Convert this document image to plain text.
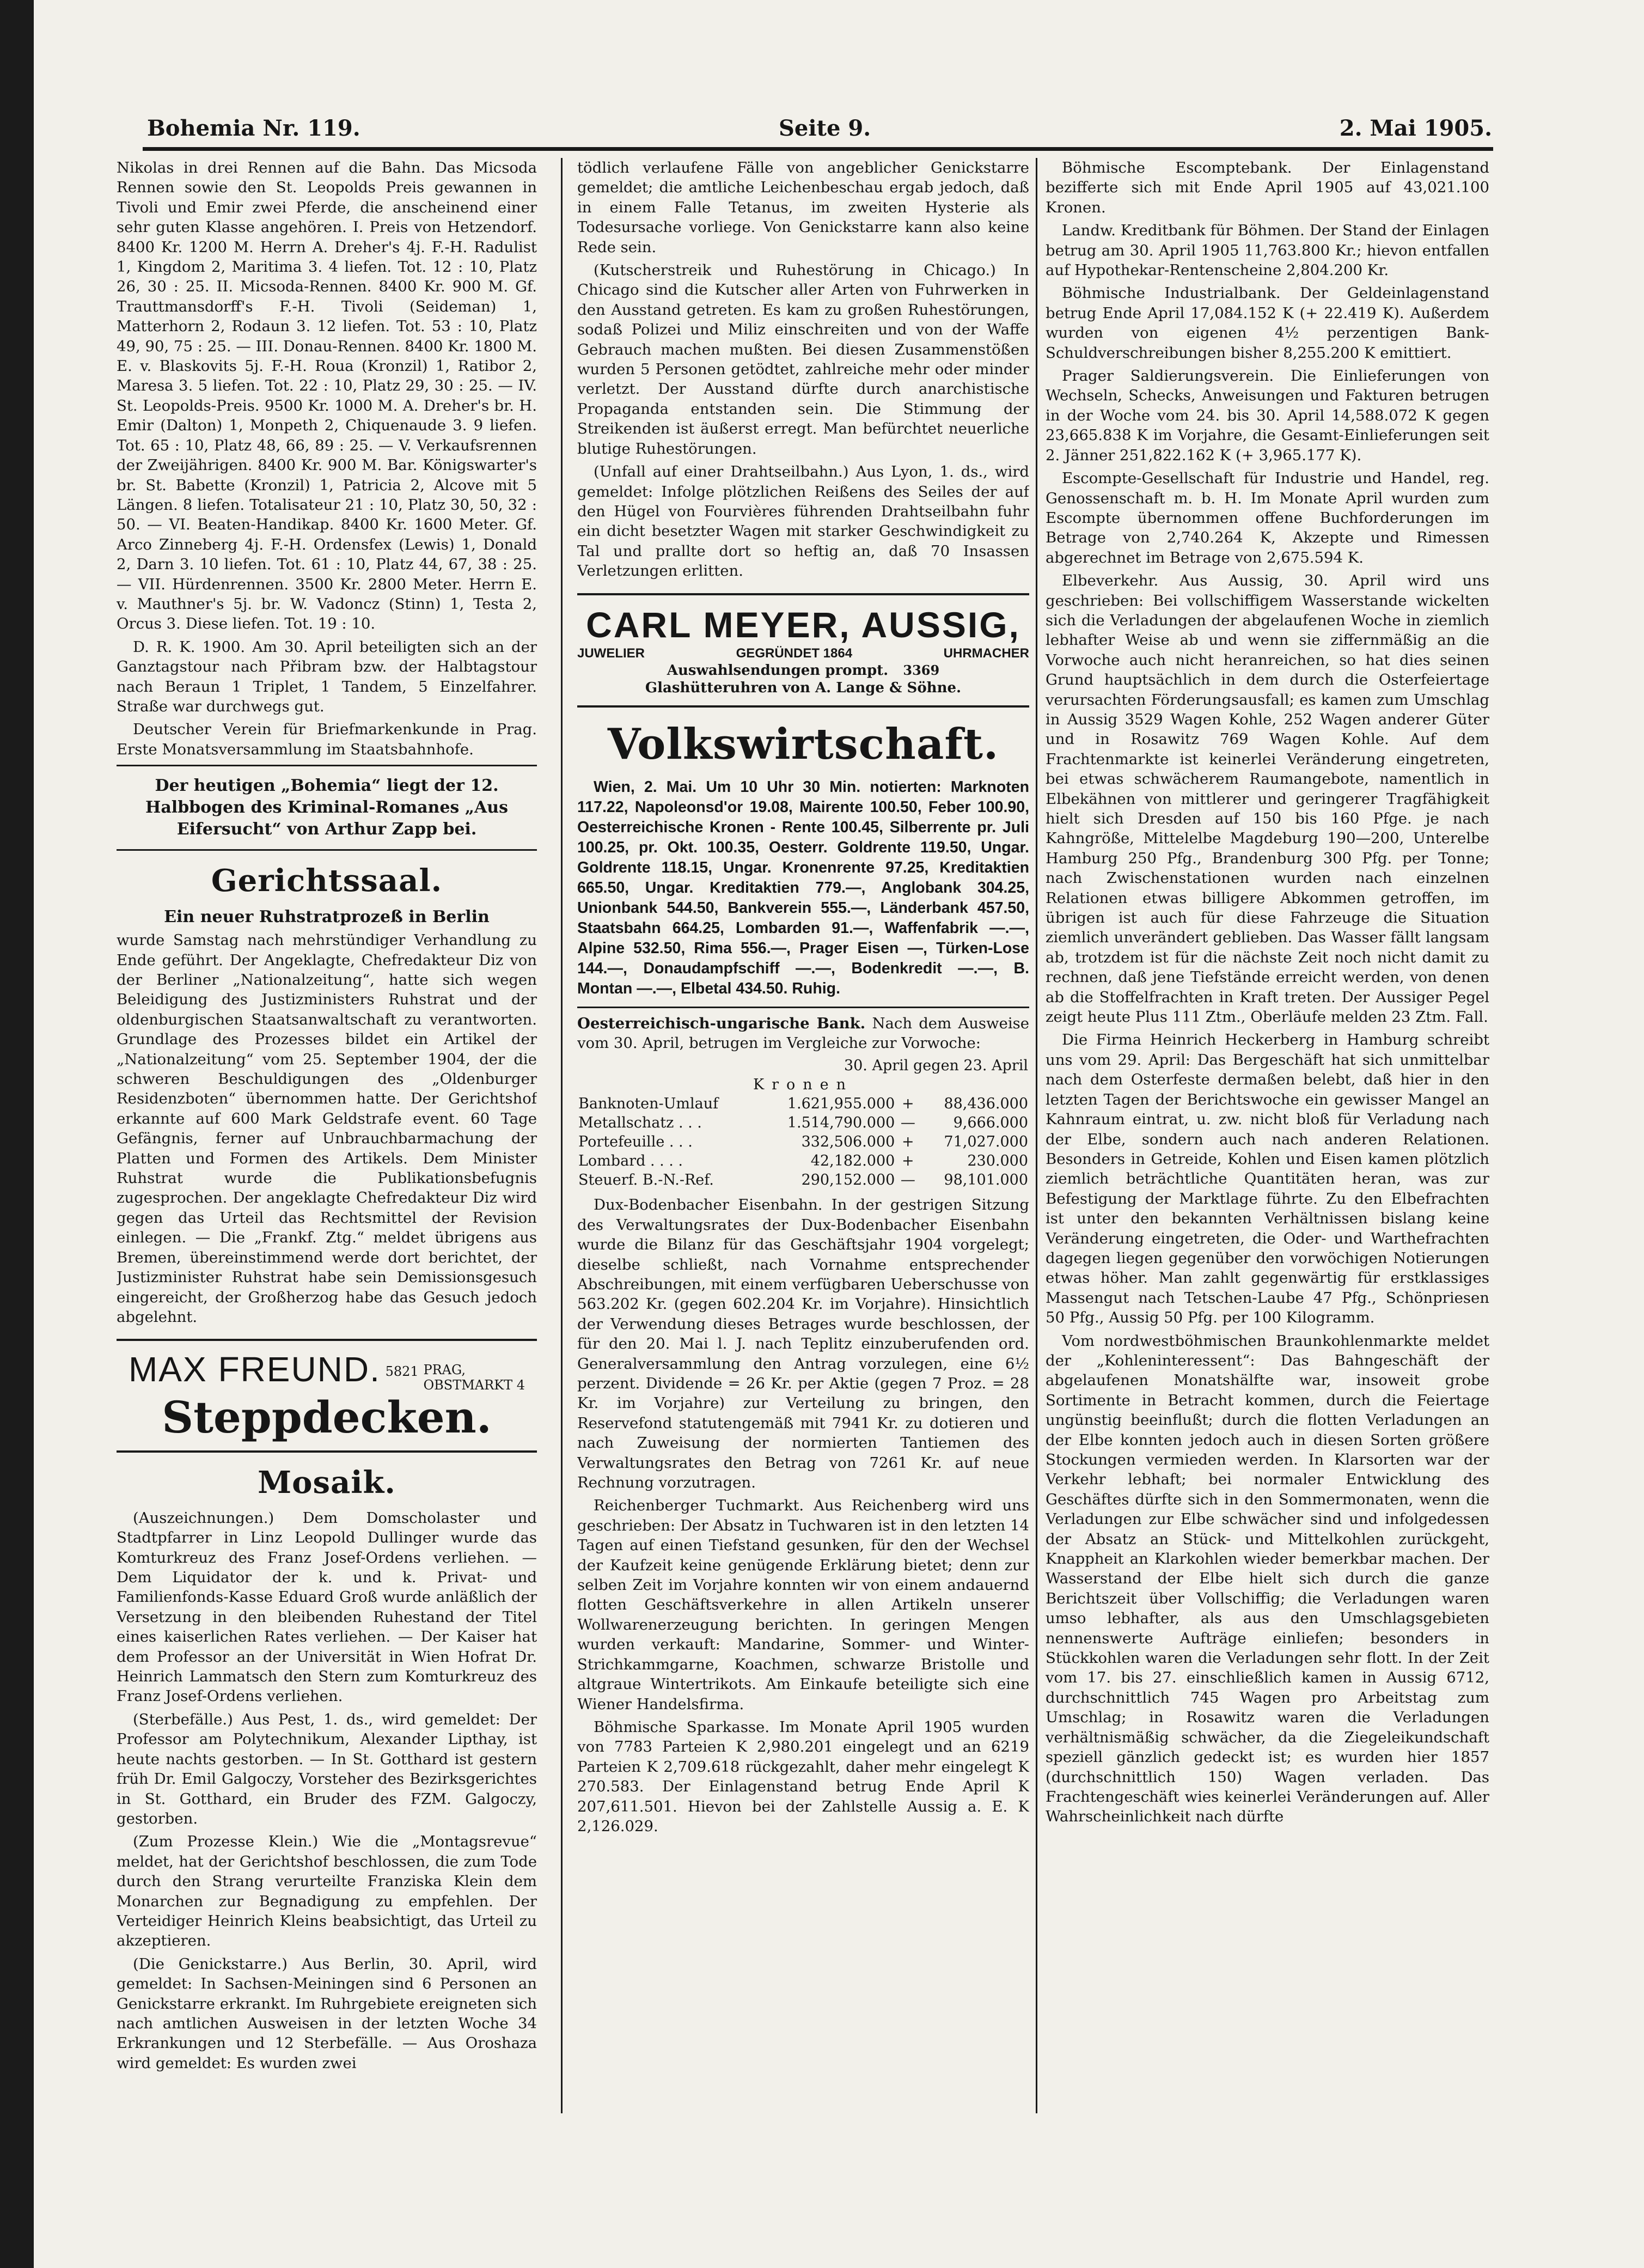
Bohemia Nr. 119.	Seite 9.	2. Mai 1905.

Nikolas in drei Rennen auf die Bahn. Das Micsoda Rennen sowie den St. Leopolds Preis gewannen in Tivoli und Emir zwei Pferde, die anscheinend einer sehr guten Klasse angehören. I. Preis von Hetzendorf. 8400 Kr. 1200 M. Herrn A. Dreher's 4j. F.-H. Radulist 1, Kingdom 2, Maritima 3. 4 liefen. Tot. 12 : 10, Platz 26, 30 : 25. II. Micsoda-Rennen. 8400 Kr. 900 M. Gf. Trauttmansdorff's F.-H. Tivoli (Seideman) 1, Matterhorn 2, Rodaun 3. 12 liefen. Tot. 53 : 10, Platz 49, 90, 75 : 25. — III. Donau-Rennen. 8400 Kr. 1800 M. E. v. Blaskovits 5j. F.-H. Roua (Kronzil) 1, Ratibor 2, Maresa 3. 5 liefen. Tot. 22 : 10, Platz 29, 30 : 25. — IV. St. Leopolds-Preis. 9500 Kr. 1000 M. A. Dreher's br. H. Emir (Dalton) 1, Monpeth 2, Chiquenaude 3. 9 liefen. Tot. 65 : 10, Platz 48, 66, 89 : 25. — V. Verkaufsrennen der Zweijährigen. 8400 Kr. 900 M. Bar. Königswarter's br. St. Babette (Kronzil) 1, Patricia 2, Alcove mit 5 Längen. 8 liefen. Totalisateur 21 : 10, Platz 30, 50, 32 : 50. — VI. Beaten-Handikap. 8400 Kr. 1600 Meter. Gf. Arco Zinneberg 4j. F.-H. Ordensfex (Lewis) 1, Donald 2, Darn 3. 10 liefen. Tot. 61 : 10, Platz 44, 67, 38 : 25. — VII. Hürdenrennen. 3500 Kr. 2800 Meter. Herrn E. v. Mauthner's 5j. br. W. Vadoncz (Stinn) 1, Testa 2, Orcus 3. Diese liefen. Tot. 19 : 10.

D. R. K. 1900. Am 30. April beteiligten sich an der Ganztagstour nach Přibram bzw. der Halbtagstour nach Beraun 1 Triplet, 1 Tandem, 5 Einzelfahrer. Straße war durchwegs gut.

Deutscher Verein für Briefmarkenkunde in Prag. Erste Monatsversammlung im Staatsbahnhofe.

Der heutigen „Bohemia“ liegt der 12. Halbbogen des Kriminal-Romanes „Aus Eifersucht“ von Arthur Zapp bei.

Gerichtssaal.

Ein neuer Ruhstratprozeß in Berlin

wurde Samstag nach mehrstündiger Verhandlung zu Ende geführt. Der Angeklagte, Chefredakteur Diz von der Berliner „Nationalzeitung“, hatte sich wegen Beleidigung des Justizministers Ruhstrat und der oldenburgischen Staatsanwaltschaft zu verantworten. Grundlage des Prozesses bildet ein Artikel der „Nationalzeitung“ vom 25. September 1904, der die schweren Beschuldigungen des „Oldenburger Residenzboten“ übernommen hatte. Der Gerichtshof erkannte auf 600 Mark Geldstrafe event. 60 Tage Gefängnis, ferner auf Unbrauchbarmachung der Platten und Formen des Artikels. Dem Minister Ruhstrat wurde die Publikationsbefugnis zugesprochen. Der angeklagte Chefredakteur Diz wird gegen das Urteil das Rechtsmittel der Revision einlegen. — Die „Frankf. Ztg.“ meldet übrigens aus Bremen, übereinstimmend werde dort berichtet, der Justizminister Ruhstrat habe sein Demissionsgesuch eingereicht, der Großherzog habe das Gesuch jedoch abgelehnt.

MAX FREUND. $^{5821}$ PRAG,
OBSTMARKT 4
Steppdecken.
Mosaik.

(Auszeichnungen.) Dem Domscholaster und Stadtpfarrer in Linz Leopold Dullinger wurde das Komturkreuz des Franz Josef-Ordens verliehen. — Dem Liquidator der k. und k. Privat- und Familienfonds-Kasse Eduard Groß wurde anläßlich der Versetzung in den bleibenden Ruhestand der Titel eines kaiserlichen Rates verliehen. — Der Kaiser hat dem Professor an der Universität in Wien Hofrat Dr. Heinrich Lammatsch den Stern zum Komturkreuz des Franz Josef-Ordens verliehen.

(Sterbefälle.) Aus Pest, 1. ds., wird gemeldet: Der Professor am Polytechnikum, Alexander Lipthay, ist heute nachts gestorben. — In St. Gotthard ist gestern früh Dr. Emil Galgoczy, Vorsteher des Bezirksgerichtes in St. Gotthard, ein Bruder des FZM. Galgoczy, gestorben.

(Zum Prozesse Klein.) Wie die „Montagsrevue“ meldet, hat der Gerichtshof beschlossen, die zum Tode durch den Strang verurteilte Franziska Klein dem Monarchen zur Begnadigung zu empfehlen. Der Verteidiger Heinrich Kleins beabsichtigt, das Urteil zu akzeptieren.

(Die Genickstarre.) Aus Berlin, 30. April, wird gemeldet: In Sachsen-Meiningen sind 6 Personen an Genickstarre erkrankt. Im Ruhrgebiete ereigneten sich nach amtlichen Ausweisen in der letzten Woche 34 Erkrankungen und 12 Sterbefälle. — Aus Oroshaza wird gemeldet: Es wurden zwei

tödlich verlaufene Fälle von angeblicher Genickstarre gemeldet; die amtliche Leichenbeschau ergab jedoch, daß in einem Falle Tetanus, im zweiten Hysterie als Todesursache vorliege. Von Genickstarre kann also keine Rede sein.

(Kutscherstreik und Ruhestörung in Chicago.) In Chicago sind die Kutscher aller Arten von Fuhrwerken in den Ausstand getreten. Es kam zu großen Ruhestörungen, sodaß Polizei und Miliz einschreiten und von der Waffe Gebrauch machen mußten. Bei diesen Zusammenstößen wurden 5 Personen getödtet, zahlreiche mehr oder minder verletzt. Der Ausstand dürfte durch anarchistische Propaganda entstanden sein. Die Stimmung der Streikenden ist äußerst erregt. Man befürchtet neuerliche blutige Ruhestörungen.

(Unfall auf einer Drahtseilbahn.) Aus Lyon, 1. ds., wird gemeldet: Infolge plötzlichen Reißens des Seiles der auf den Hügel von Fourvières führenden Drahtseilbahn fuhr ein dicht besetzter Wagen mit starker Geschwindigkeit zu Tal und prallte dort so heftig an, daß 70 Insassen Verletzungen erlitten.

CARL MEYER, AUSSIG,
JUWELIER	GEGRÜNDET 1864	UHRMACHER
Auswahlsendungen prompt. 3369
Glashütteruhren von A. Lange & Söhne.
Volkswirtschaft.

Wien, 2. Mai. Um 10 Uhr 30 Min. notierten: Marknoten 117.22, Napoleonsd'or 19.08, Mairente 100.50, Feber 100.90, Oesterreichische Kronen - Rente 100.45, Silberrente pr. Juli 100.25, pr. Okt. 100.35, Oesterr. Goldrente 119.50, Ungar. Goldrente 118.15, Ungar. Kronenrente 97.25, Kreditaktien 665.50, Ungar. Kreditaktien 779.—, Anglobank 304.25, Unionbank 544.50, Bankverein 555.—, Länderbank 457.50, Staatsbahn 664.25, Lombarden 91.—, Waffenfabrik —.—, Alpine 532.50, Rima 556.—, Prager Eisen —, Türken-Lose 144.—, Donaudampfschiff —.—, Bodenkredit —.—, B. Montan —.—, Elbetal 434.50. Ruhig.

Oesterreichisch-ungarische Bank. Nach dem Ausweise vom 30. April, betrugen im Vergleiche zur Vorwoche:

30. April gegen 23. April			
Kronen			
Banknoten-Umlauf	1.621,955.000	+	88,436.000
Metallschatz . . .	1.514,790.000	—	9,666.000
Portefeuille . . .	332,506.000	+	71,027.000
Lombard . . . .	42,182.000	+	230.000
Steuerf. B.-N.-Ref.	290,152.000	—	98,101.000

Dux-Bodenbacher Eisenbahn. In der gestrigen Sitzung des Verwaltungsrates der Dux-Bodenbacher Eisenbahn wurde die Bilanz für das Geschäftsjahr 1904 vorgelegt; dieselbe schließt, nach Vornahme entsprechender Abschreibungen, mit einem verfügbaren Ueberschusse von 563.202 Kr. (gegen 602.204 Kr. im Vorjahre). Hinsichtlich der Verwendung dieses Betrages wurde beschlossen, der für den 20. Mai l. J. nach Teplitz einzuberufenden ord. Generalversammlung den Antrag vorzulegen, eine 6½ perzent. Dividende = 26 Kr. per Aktie (gegen 7 Proz. = 28 Kr. im Vorjahre) zur Verteilung zu bringen, den Reservefond statutengemäß mit 7941 Kr. zu dotieren und nach Zuweisung der normierten Tantiemen des Verwaltungsrates den Betrag von 7261 Kr. auf neue Rechnung vorzutragen.

Reichenberger Tuchmarkt. Aus Reichenberg wird uns geschrieben: Der Absatz in Tuchwaren ist in den letzten 14 Tagen auf einen Tiefstand gesunken, für den der Wechsel der Kaufzeit keine genügende Erklärung bietet; denn zur selben Zeit im Vorjahre konnten wir von einem andauernd flotten Geschäftsverkehre in allen Artikeln unserer Wollwarenerzeugung berichten. In geringen Mengen wurden verkauft: Mandarine, Sommer- und Winter-Strichkammgarne, Koachmen, schwarze Bristolle und altgraue Wintertrikots. Am Einkaufe beteiligte sich eine Wiener Handelsfirma.

Böhmische Sparkasse. Im Monate April 1905 wurden von 7783 Parteien K 2,980.201 eingelegt und an 6219 Parteien K 2,709.618 rückgezahlt, daher mehr eingelegt K 270.583. Der Einlagenstand betrug Ende April K 207,611.501. Hievon bei der Zahlstelle Aussig a. E. K 2,126.029.

Böhmische Escomptebank. Der Einlagenstand bezifferte sich mit Ende April 1905 auf 43,021.100 Kronen.

Landw. Kreditbank für Böhmen. Der Stand der Einlagen betrug am 30. April 1905 11,763.800 Kr.; hievon entfallen auf Hypothekar-Rentenscheine 2,804.200 Kr.

Böhmische Industrialbank. Der Geldeinlagenstand betrug Ende April 17,084.152 K (+ 22.419 K). Außerdem wurden von eigenen 4½ perzentigen Bank-Schuldverschreibungen bisher 8,255.200 K emittiert.

Prager Saldierungsverein. Die Einlieferungen von Wechseln, Schecks, Anweisungen und Fakturen betrugen in der Woche vom 24. bis 30. April 14,588.072 K gegen 23,665.838 K im Vorjahre, die Gesamt-Einlieferungen seit 2. Jänner 251,822.162 K (+ 3,965.177 K).

Escompte-Gesellschaft für Industrie und Handel, reg. Genossenschaft m. b. H. Im Monate April wurden zum Escompte übernommen offene Buchforderungen im Betrage von 2,740.264 K, Akzepte und Rimessen abgerechnet im Betrage von 2,675.594 K.

Elbeverkehr. Aus Aussig, 30. April wird uns geschrieben: Bei vollschiffigem Wasserstande wickelten sich die Verladungen der abgelaufenen Woche in ziemlich lebhafter Weise ab und wenn sie ziffernmäßig an die Vorwoche auch nicht heranreichen, so hat dies seinen Grund hauptsächlich in dem durch die Osterfeiertage verursachten Förderungsausfall; es kamen zum Umschlag in Aussig 3529 Wagen Kohle, 252 Wagen anderer Güter und in Rosawitz 769 Wagen Kohle. Auf dem Frachtenmarkte ist keinerlei Veränderung eingetreten, bei etwas schwächerem Raumangebote, namentlich in Elbekähnen von mittlerer und geringerer Tragfähigkeit hielt sich Dresden auf 150 bis 160 Pfge. je nach Kahngröße, Mittelelbe Magdeburg 190—200, Unterelbe Hamburg 250 Pfg., Brandenburg 300 Pfg. per Tonne; nach Zwischenstationen wurden nach einzelnen Relationen etwas billigere Abkommen getroffen, im übrigen ist auch für diese Fahrzeuge die Situation ziemlich unverändert geblieben. Das Wasser fällt langsam ab, trotzdem ist für die nächste Zeit noch nicht damit zu rechnen, daß jene Tiefstände erreicht werden, von denen ab die Stoffelfrachten in Kraft treten. Der Aussiger Pegel zeigt heute Plus 111 Ztm., Oberläufe melden 23 Ztm. Fall.

Die Firma Heinrich Heckerberg in Hamburg schreibt uns vom 29. April: Das Bergeschäft hat sich unmittelbar nach dem Osterfeste dermaßen belebt, daß hier in den letzten Tagen der Berichtswoche ein gewisser Mangel an Kahnraum eintrat, u. zw. nicht bloß für Verladung nach der Elbe, sondern auch nach anderen Relationen. Besonders in Getreide, Kohlen und Eisen kamen plötzlich ziemlich beträchtliche Quantitäten heran, was zur Befestigung der Marktlage führte. Zu den Elbefrachten ist unter den bekannten Verhältnissen bislang keine Veränderung eingetreten, die Oder- und Warthefrachten dagegen liegen gegenüber den vorwöchigen Notierungen etwas höher. Man zahlt gegenwärtig für erstklassiges Massengut nach Tetschen-Laube 47 Pfg., Schönpriesen 50 Pfg., Aussig 50 Pfg. per 100 Kilogramm.

Vom nordwestböhmischen Braunkohlenmarkte meldet der „Kohleninteressent“: Das Bahngeschäft der abgelaufenen Monatshälfte war, insoweit grobe Sortimente in Betracht kommen, durch die Feiertage ungünstig beeinflußt; durch die flotten Verladungen an der Elbe konnten jedoch auch in diesen Sorten größere Stockungen vermieden werden. In Klarsorten war der Verkehr lebhaft; bei normaler Entwicklung des Geschäftes dürfte sich in den Sommermonaten, wenn die Verladungen zur Elbe schwächer sind und infolgedessen der Absatz an Stück- und Mittelkohlen zurückgeht, Knappheit an Klarkohlen wieder bemerkbar machen. Der Wasserstand der Elbe hielt sich durch die ganze Berichtszeit über Vollschiffig; die Verladungen waren umso lebhafter, als aus den Umschlagsgebieten nennenswerte Aufträge einliefen; besonders in Stückkohlen waren die Verladungen sehr flott. In der Zeit vom 17. bis 27. einschließlich kamen in Aussig 6712, durchschnittlich 745 Wagen pro Arbeitstag zum Umschlag; in Rosawitz waren die Verladungen verhältnismäßig schwächer, da die Ziegeleikundschaft speziell gänzlich gedeckt ist; es wurden hier 1857 (durchschnittlich 150) Wagen verladen. Das Frachtengeschäft wies keinerlei Veränderungen auf. Aller Wahrscheinlichkeit nach dürfte
